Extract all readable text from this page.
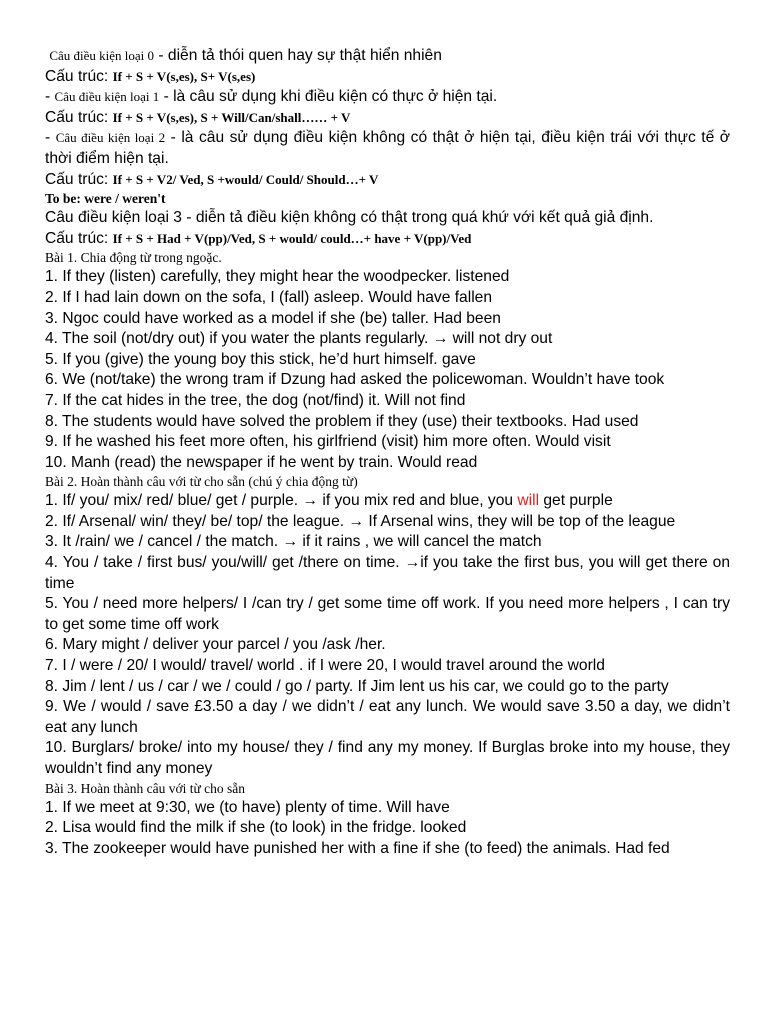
Câu điều kiện loại 0 - diễn tả thói quen hay sự thật hiển nhiên
Cấu trúc: If + S + V(s,es), S+ V(s,es)
- Câu điều kiện loại 1 - là câu sử dụng khi điều kiện có thực ở hiện tại.
Cấu trúc: If + S + V(s,es), S + Will/Can/shall…… + V
- Câu điều kiện loại 2 - là câu sử dụng điều kiện không có thật ở hiện tại, điều kiện trái với thực tế ở thời điểm hiện tại.
Cấu trúc: If + S + V2/ Ved, S +would/ Could/ Should…+ V
To be: were / weren't
Câu điều kiện loại 3 - diễn tả điều kiện không có thật trong quá khứ với kết quả giả định.
Cấu trúc: If + S + Had + V(pp)/Ved, S + would/ could…+ have + V(pp)/Ved
Bài 1. Chia động từ trong ngoặc.
1. If they (listen) carefully, they might hear the woodpecker. listened
2. If I had lain down on the sofa, I (fall) asleep. Would have fallen
3. Ngoc could have worked as a model if she (be) taller. Had been
4. The soil (not/dry out) if you water the plants regularly. → will not dry out
5. If you (give) the young boy this stick, he’d hurt himself. gave
6. We (not/take) the wrong tram if Dzung had asked the policewoman. Wouldn’t have took
7. If the cat hides in the tree, the dog (not/find) it. Will not find
8. The students would have solved the problem if they (use) their textbooks. Had used
9. If he washed his feet more often, his girlfriend (visit) him more often. Would visit
10. Manh (read) the newspaper if he went by train. Would read
Bài 2. Hoàn thành câu với từ cho sẵn (chú ý chia động từ)
1. If/ you/ mix/ red/ blue/ get / purple. → if you mix red and blue, you will get purple
2. If/ Arsenal/ win/ they/ be/ top/ the league. → If Arsenal wins, they will be top of the league
3. It /rain/ we / cancel / the match. → if it rains , we will cancel the match
4. You / take / first bus/ you/will/ get /there on time. →if you take the first bus, you will get there on time
5. You / need more helpers/ I /can try / get some time off work. If you need more helpers , I can try to get some time off work
6. Mary might / deliver your parcel / you /ask /her.
7. I / were / 20/ I would/ travel/ world . if I were 20, I would travel around the world
8. Jim / lent / us / car / we / could / go / party. If Jim lent us his car, we could go to the party
9. We / would / save £3.50 a day / we didn’t / eat any lunch. We would save 3.50 a day, we didn’t eat any lunch
10. Burglars/ broke/ into my house/ they / find any my money. If Burglas broke into my house, they wouldn’t find any money
Bài 3. Hoàn thành câu với từ cho sẵn
1. If we meet at 9:30, we (to have) plenty of time. Will have
2. Lisa would find the milk if she (to look) in the fridge. looked
3. The zookeeper would have punished her with a fine if she (to feed) the animals. Had fed
